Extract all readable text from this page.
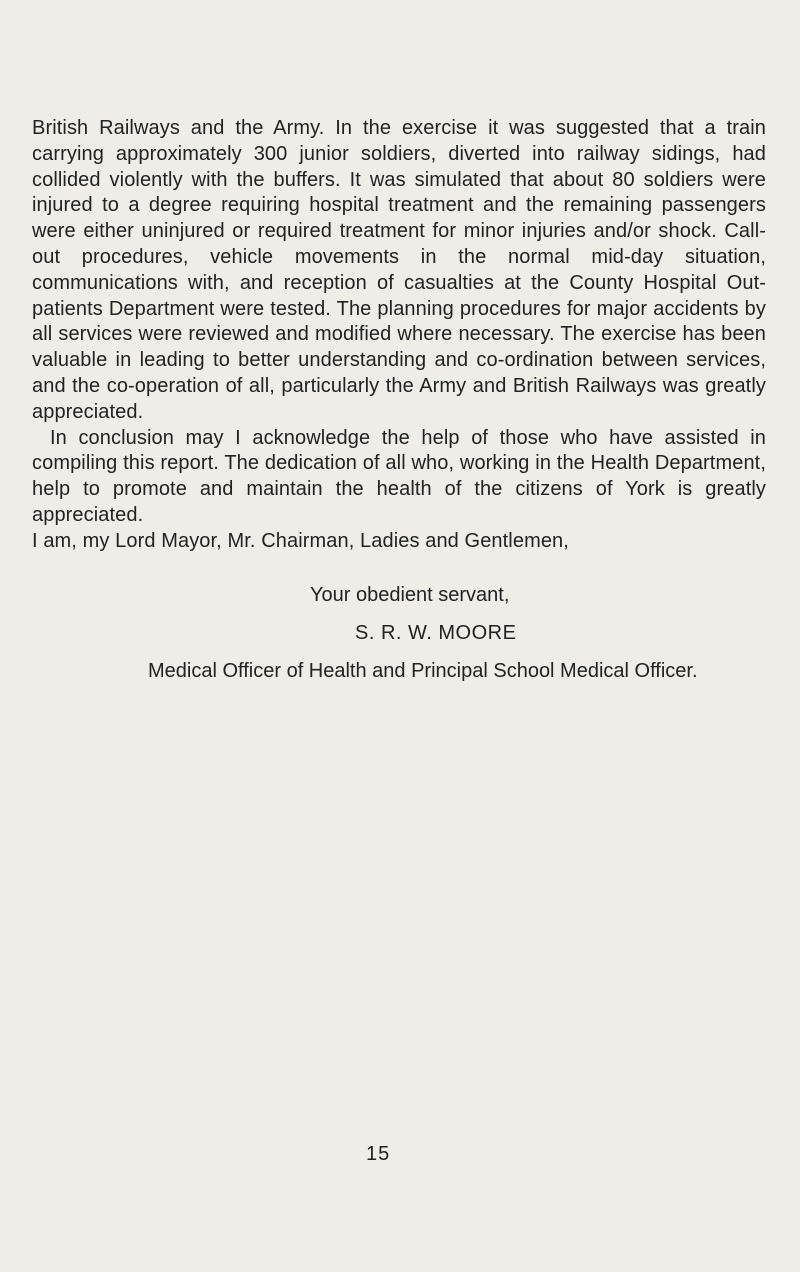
British Railways and the Army. In the exercise it was suggested that a train carrying approximately 300 junior soldiers, diverted into railway sidings, had collided violently with the buffers. It was simulated that about 80 soldiers were injured to a degree requiring hospital treatment and the remaining passengers were either uninjured or required treatment for minor injuries and/or shock. Call-out procedures, vehicle movements in the normal mid-day situation, communications with, and reception of casualties at the County Hospital Out-patients Department were tested. The planning procedures for major accidents by all services were reviewed and modified where necessary. The exercise has been valuable in leading to better understanding and co-ordination between services, and the co-operation of all, particularly the Army and British Railways was greatly appreciated.

In conclusion may I acknowledge the help of those who have assisted in compiling this report. The dedication of all who, working in the Health Department, help to promote and maintain the health of the citizens of York is greatly appreciated.

I am, my Lord Mayor, Mr. Chairman, Ladies and Gentlemen,

Your obedient servant,
S. R. W. MOORE
Medical Officer of Health and Principal School Medical Officer.
15
